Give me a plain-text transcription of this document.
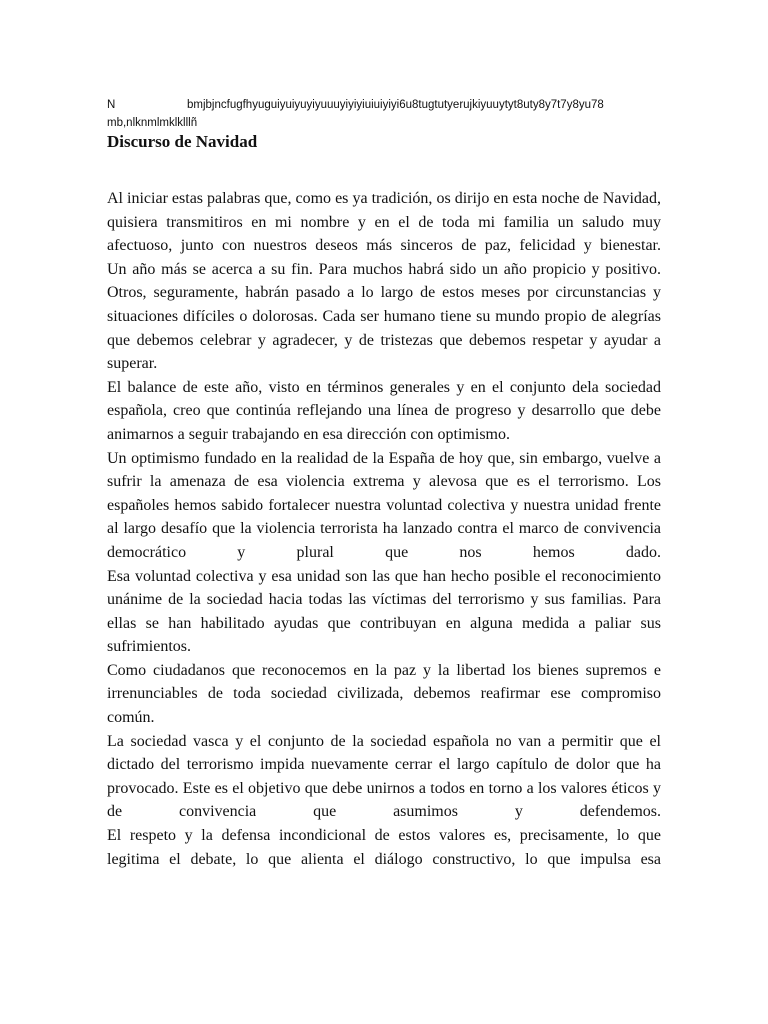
N	bmjbjncfugfhyuguiyuiyuyiyuuuyiyiyiuiuiyiyi6u8tugtutyerujkiyuuytyt8uty8y7t7y8yu78
mb,nlknmlmklklllñ
Discurso de Navidad

Al iniciar estas palabras que, como es ya tradición, os dirijo en esta noche de Navidad, quisiera transmitiros en mi nombre y en el de toda mi familia un saludo muy afectuoso, junto con nuestros deseos más sinceros de paz, felicidad y bienestar.

Un año más se acerca a su fin. Para muchos habrá sido un año propicio y positivo. Otros, seguramente, habrán pasado a lo largo de estos meses por circunstancias y situaciones difíciles o dolorosas. Cada ser humano tiene su mundo propio de alegrías que debemos celebrar y agradecer, y de tristezas que debemos respetar y ayudar a superar.

El balance de este año, visto en términos generales y en el conjunto dela sociedad española, creo que continúa reflejando una línea de progreso y desarrollo que debe animarnos a seguir trabajando en esa dirección con optimismo.

Un optimismo fundado en la realidad de la España de hoy que, sin embargo, vuelve a sufrir la amenaza de esa violencia extrema y alevosa que es el terrorismo. Los españoles hemos sabido fortalecer nuestra voluntad colectiva y nuestra unidad frente al largo desafío que la violencia terrorista ha lanzado contra el marco de convivencia democrático y plural que nos hemos dado.

Esa voluntad colectiva y esa unidad son las que han hecho posible el reconocimiento unánime de la sociedad hacia todas las víctimas del terrorismo y sus familias. Para ellas se han habilitado ayudas que contribuyan en alguna medida a paliar sus sufrimientos.

Como ciudadanos que reconocemos en la paz y la libertad los bienes supremos e irrenunciables de toda sociedad civilizada, debemos reafirmar ese compromiso común.

La sociedad vasca y el conjunto de la sociedad española no van a permitir que el dictado del terrorismo impida nuevamente cerrar el largo capítulo de dolor que ha provocado. Este es el objetivo que debe unirnos a todos en torno a los valores éticos y de convivencia que asumimos y defendemos.

El respeto y la defensa incondicional de estos valores es, precisamente, lo que legitima el debate, lo que alienta el diálogo constructivo, lo que impulsa esa
